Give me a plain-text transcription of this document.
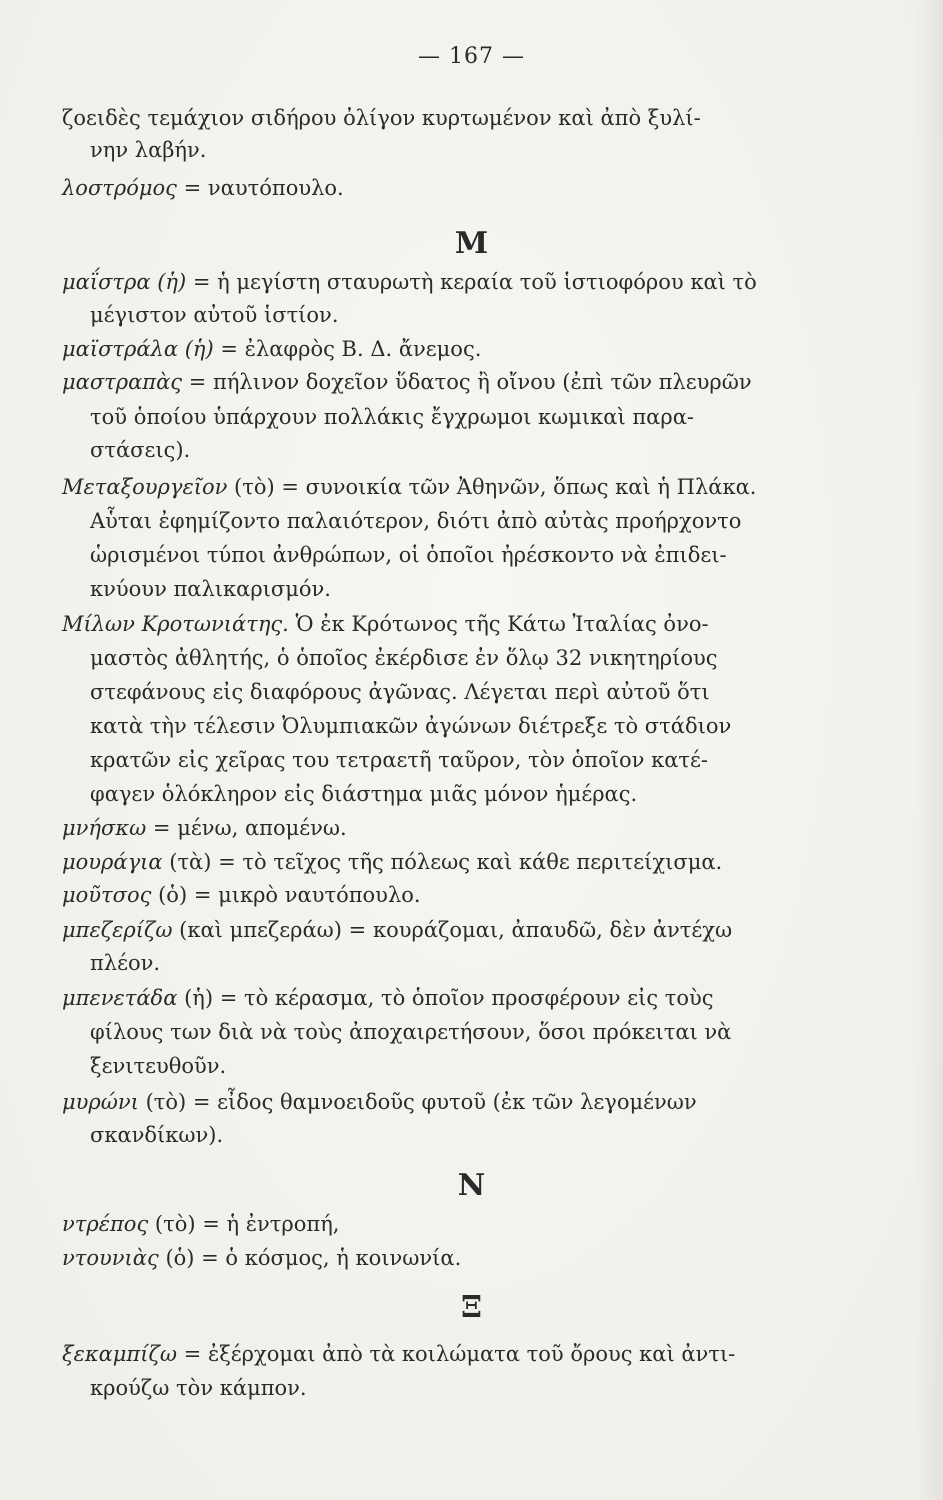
— 167 —
ζοειδὲς τεμάχιον σιδήρου ὀλίγον κυρτωμένον καὶ ἀπὸ ξυλί-
νην λαβήν.
λοστρόμος = ναυτόπουλο.
Μ
μαΐστρα (ἡ) = ἡ μεγίστη σταυρωτὴ κεραία τοῦ ἱστιοφόρου καὶ τὸ
μέγιστον αὐτοῦ ἱστίον.
μαϊστράλα (ἡ) = ἐλαφρὸς Β. Δ. ἄνεμος.
μαστραπὰς = πήλινον δοχεῖον ὕδατος ἢ οἴνου (ἐπὶ τῶν πλευρῶν
τοῦ ὁποίου ὑπάρχουν πολλάκις ἔγχρωμοι κωμικαὶ παρα-
στάσεις).
Μεταξουργεῖον (τὸ) = συνοικία τῶν Ἀθηνῶν, ὅπως καὶ ἡ Πλάκα.
Αὗται ἐφημίζοντο παλαιότερον, διότι ἀπὸ αὐτὰς προήρχοντο
ὡρισμένοι τύποι ἀνθρώπων, οἱ ὁποῖοι ἠρέσκοντο νὰ ἐπιδει-
κνύουν παλικαρισμόν.
Μίλων Κροτωνιάτης. Ὁ ἐκ Κρότωνος τῆς Κάτω Ἰταλίας ὀνο-
μαστὸς ἀθλητής, ὁ ὁποῖος ἐκέρδισε ἐν ὅλῳ 32 νικητηρίους
στεφάνους εἰς διαφόρους ἀγῶνας. Λέγεται περὶ αὐτοῦ ὅτι
κατὰ τὴν τέλεσιν Ὀλυμπιακῶν ἀγώνων διέτρεξε τὸ στάδιον
κρατῶν εἰς χεῖρας του τετραετῆ ταῦρον, τὸν ὁποῖον κατέ-
φαγεν ὁλόκληρον εἰς διάστημα μιᾶς μόνον ἡμέρας.
μνήσκω = μένω, απομένω.
μουράγια (τὰ) = τὸ τεῖχος τῆς πόλεως καὶ κάθε περιτείχισμα.
μοῦτσος (ὁ) = μικρὸ ναυτόπουλο.
μπεζερίζω (καὶ μπεζεράω) = κουράζομαι, ἀπαυδῶ, δὲν ἀντέχω
πλέον.
μπενετάδα (ἡ) = τὸ κέρασμα, τὸ ὁποῖον προσφέρουν εἰς τοὺς
φίλους των διὰ νὰ τοὺς ἀποχαιρετήσουν, ὅσοι πρόκειται νὰ
ξενιτευθοῦν.
μυρώνι (τὸ) = εἶδος θαμνοειδοῦς φυτοῦ (ἐκ τῶν λεγομένων
σκανδίκων).
Ν
ντρέπος (τὸ) = ἡ ἐντροπή,
ντουνιὰς (ὁ) = ὁ κόσμος, ἡ κοινωνία.
Ξ
ξεκαμπίζω = ἐξέρχομαι ἀπὸ τὰ κοιλώματα τοῦ ὄρους καὶ ἀντι-
κρούζω τὸν κάμπον.
